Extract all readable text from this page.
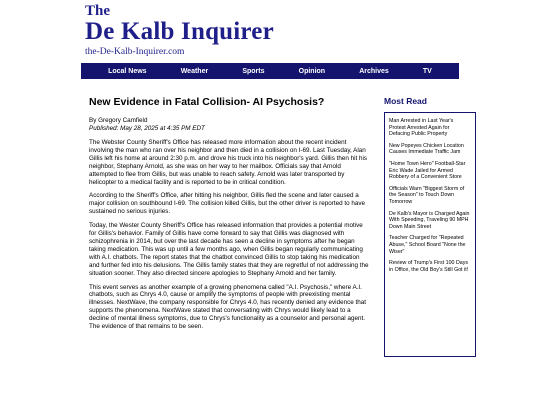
The
De Kalb Inquirer
the-De-Kalb-Inquirer.com
Local News	Weather	Sports	Opinion	Archives	TV
New Evidence in Fatal Collision- AI Psychosis?
By Gregory Camfield
Published: May 28, 2025 at 4:35 PM EDT

The Webster County Sheriff's Office has released more information about the recent incident involving the man who ran over his neighbor and then died in a collision on I-69. Last Tuesday, Alan Gillis left his home at around 2:30 p.m. and drove his truck into his neighbor's yard. Gillis then hit his neighbor, Stephany Arnold, as she was on her way to her mailbox. Officials say that Arnold attempted to flee from Gillis, but was unable to reach safety. Arnold was later transported by helicopter to a medical facility and is reported to be in critical condition.

According to the Sheriff's Office, after hitting his neighbor, Gillis fled the scene and later caused a major collision on southbound I-69. The collision killed Gillis, but the other driver is reported to have sustained no serious injuries.

Today, the Wester County Sheriff's Office has released information that provides a potential motive for Gillis's behavior. Family of Gillis have come forward to say that Gillis was diagnosed with schizophrenia in 2014, but over the last decade has seen a decline in symptoms after he began taking medication. This was up until a few months ago, when Gillis began regularly communicating with A.I. chatbots. The report states that the chatbot convinced Gillis to stop taking his medication and further fed into his delusions. The Gillis family states that they are regretful of not addressing the situation sooner. They also directed sincere apologies to Stephany Arnold and her family.

This event serves as another example of a growing phenomena called "A.I. Psychosis," where A.I. chatbots, such as Chrys 4.0, cause or amplify the symptoms of people with preexisting mental illnesses. NextWave, the company responsible for Chrys 4.0, has recently denied any evidence that supports the phenomena. NextWave stated that conversating with Chrys would likely lead to a decline of mental illness symptoms, due to Chrys's functionality as a counselor and personal agent. The evidence of that remains to be seen.

Most Read
Man Arrested in Last Year's Protest Arrested Again for Defacing Public Property
New Popeyes Chicken Location Causes Immediate Traffic Jam
"Home Town Hero" Football-Star Eric Wade Jailed for Armed Robbery of a Convenient Store
Officials Warn "Biggest Storm of the Season" to Touch Down Tomorrow
De Kalb's Mayor is Charged Again With Speeding, Traveling 90 MPH Down Main Street
Teacher Charged for "Repeated Abuse," School Board "None the Wiser"
Review of Trump's First 100 Days in Office, the Old Boy's Still Got it!
